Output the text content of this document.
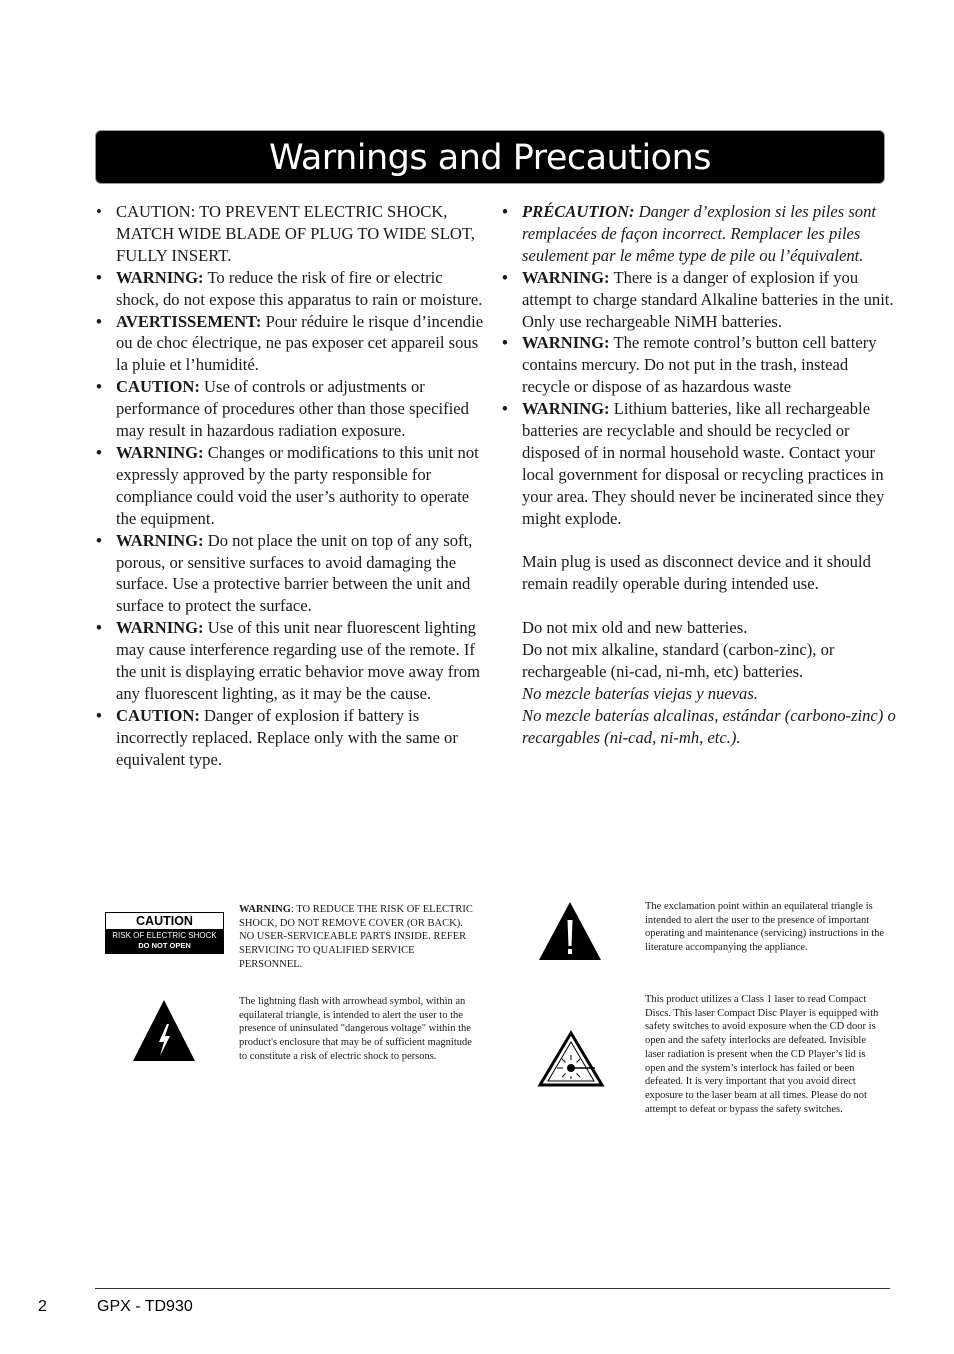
Warnings and Precautions
• CAUTION: TO PREVENT ELECTRIC SHOCK, MATCH WIDE BLADE OF PLUG TO WIDE SLOT, FULLY INSERT.
• WARNING: To reduce the risk of fire or electric shock, do not expose this apparatus to rain or moisture.
• AVERTISSEMENT: Pour réduire le risque d’incendie ou de choc électrique, ne pas exposer cet appareil sous la pluie et l’humidité.
• CAUTION: Use of controls or adjustments or performance of procedures other than those specified may result in hazardous radiation exposure.
• WARNING: Changes or modifications to this unit not expressly approved by the party responsible for compliance could void the user’s authority to operate the equipment.
• WARNING: Do not place the unit on top of any soft, porous, or sensitive surfaces to avoid damaging the surface. Use a protective barrier between the unit and surface to protect the surface.
• WARNING: Use of this unit near fluorescent lighting may cause interference regarding use of the remote. If the unit is displaying erratic behavior move away from any fluorescent lighting, as it may be the cause.
• CAUTION: Danger of explosion if battery is incorrectly replaced. Replace only with the same or equivalent type.
• PRÉCAUTION: Danger d’explosion si les piles sont remplacées de façon incorrect. Remplacer les piles seulement par le même type de pile ou l’équivalent.
• WARNING: There is a danger of explosion if you attempt to charge standard Alkaline batteries in the unit. Only use rechargeable NiMH batteries.
• WARNING: The remote control’s button cell battery contains mercury. Do not put in the trash, instead recycle or dispose of as hazardous waste
• WARNING: Lithium batteries, like all rechargeable batteries are recyclable and should be recycled or disposed of in normal household waste. Contact your local government for disposal or recycling practices in your area. They should never be incinerated since they might explode.
Main plug is used as disconnect device and it should remain readily operable during intended use.
Do not mix old and new batteries.
Do not mix alkaline, standard (carbon-zinc), or rechargeable (ni-cad, ni-mh, etc) batteries.
No mezcle baterías viejas y nuevas.
No mezcle baterías alcalinas, estándar (carbono-zinc) o recargables (ni-cad, ni-mh, etc.).
CAUTION
RISK OF ELECTRIC SHOCK
DO NOT OPEN
WARNING: TO REDUCE THE RISK OF ELECTRIC SHOCK, DO NOT REMOVE COVER (OR BACK). NO USER-SERVICEABLE PARTS INSIDE. REFER SERVICING TO QUALIFIED SERVICE PERSONNEL.
The lightning flash with arrowhead symbol, within an equilateral triangle, is intended to alert the user to the presence of uninsulated "dangerous voltage" within the product's enclosure that may be of sufficient magnitude to constitute a risk of electric shock to persons.
The exclamation point within an equilateral triangle is intended to alert the user to the presence of important operating and maintenance (servicing) instructions in the literature accompanying the appliance.
This product utilizes a Class 1 laser to read Compact Discs. This laser Compact Disc Player is equipped with safety switches to avoid exposure when the CD door is open and the safety interlocks are defeated. Invisible laser radiation is present when the CD Player’s lid is open and the system’s interlock has failed or been defeated. It is very important that you avoid direct exposure to the laser beam at all times. Please do not attempt to defeat or bypass the safety switches.
2	GPX - TD930
